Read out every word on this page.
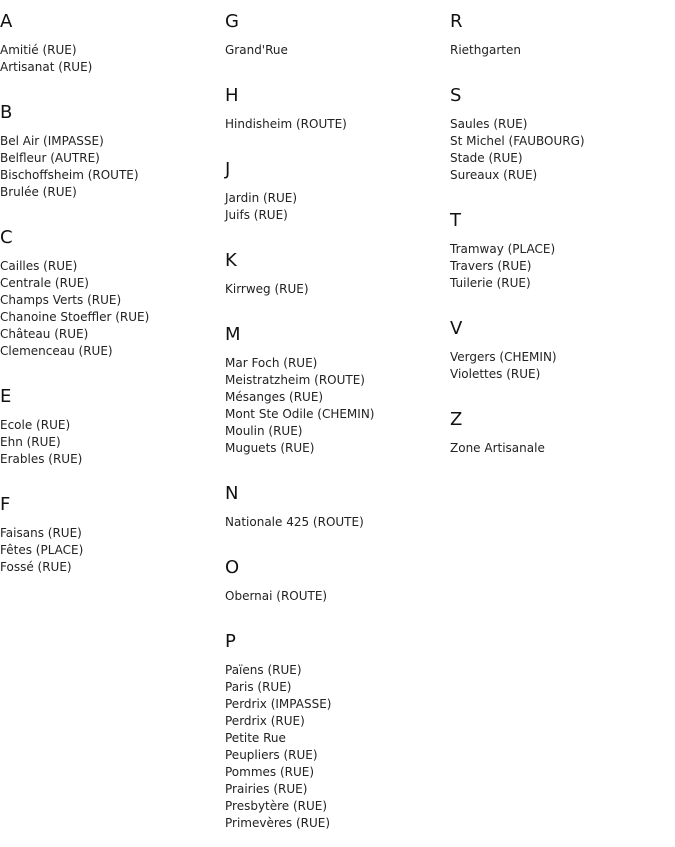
A
Amitié (RUE)
Artisanat (RUE)
B
Bel Air (IMPASSE)
Belfleur (AUTRE)
Bischoffsheim (ROUTE)
Brulée (RUE)
C
Cailles (RUE)
Centrale (RUE)
Champs Verts (RUE)
Chanoine Stoeffler (RUE)
Château (RUE)
Clemenceau (RUE)
E
Ecole (RUE)
Ehn (RUE)
Erables (RUE)
F
Faisans (RUE)
Fêtes (PLACE)
Fossé (RUE)
G
Grand'Rue
H
Hindisheim (ROUTE)
J
Jardin (RUE)
Juifs (RUE)
K
Kirrweg (RUE)
M
Mar Foch (RUE)
Meistratzheim (ROUTE)
Mésanges (RUE)
Mont Ste Odile (CHEMIN)
Moulin (RUE)
Muguets (RUE)
N
Nationale 425 (ROUTE)
O
Obernai (ROUTE)
P
Païens (RUE)
Paris (RUE)
Perdrix (IMPASSE)
Perdrix (RUE)
Petite Rue
Peupliers (RUE)
Pommes (RUE)
Prairies (RUE)
Presbytère (RUE)
Primevères (RUE)
R
Riethgarten
S
Saules (RUE)
St Michel (FAUBOURG)
Stade (RUE)
Sureaux (RUE)
T
Tramway (PLACE)
Travers (RUE)
Tuilerie (RUE)
V
Vergers (CHEMIN)
Violettes (RUE)
Z
Zone Artisanale
